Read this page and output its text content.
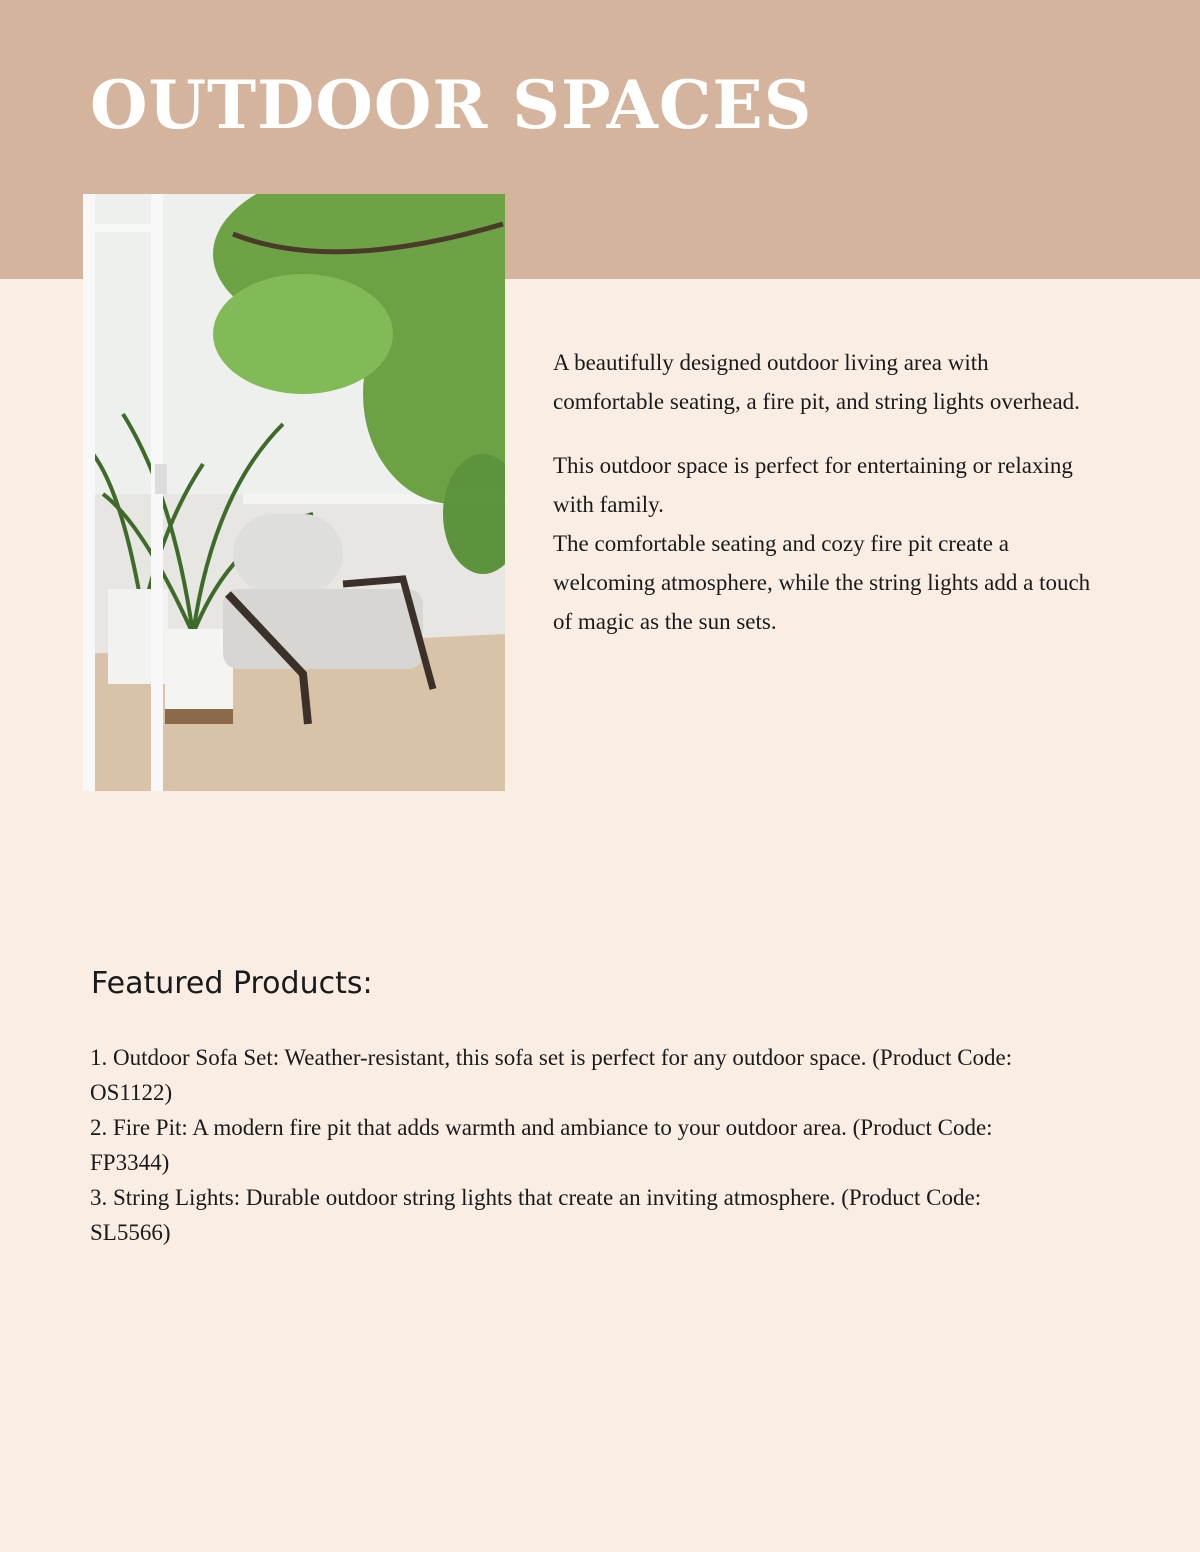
OUTDOOR SPACES

A beautifully designed outdoor living area with comfortable seating, a fire pit, and string lights overhead.

This outdoor space is perfect for entertaining or relaxing with family.

The comfortable seating and cozy fire pit create a welcoming atmosphere, while the string lights add a touch of magic as the sun sets.

Featured Products:
1. Outdoor Sofa Set: Weather-resistant, this sofa set is perfect for any outdoor space. (Product Code: OS1122)
2. Fire Pit: A modern fire pit that adds warmth and ambiance to your outdoor area. (Product Code: FP3344)
3. String Lights: Durable outdoor string lights that create an inviting atmosphere. (Product Code: SL5566)
